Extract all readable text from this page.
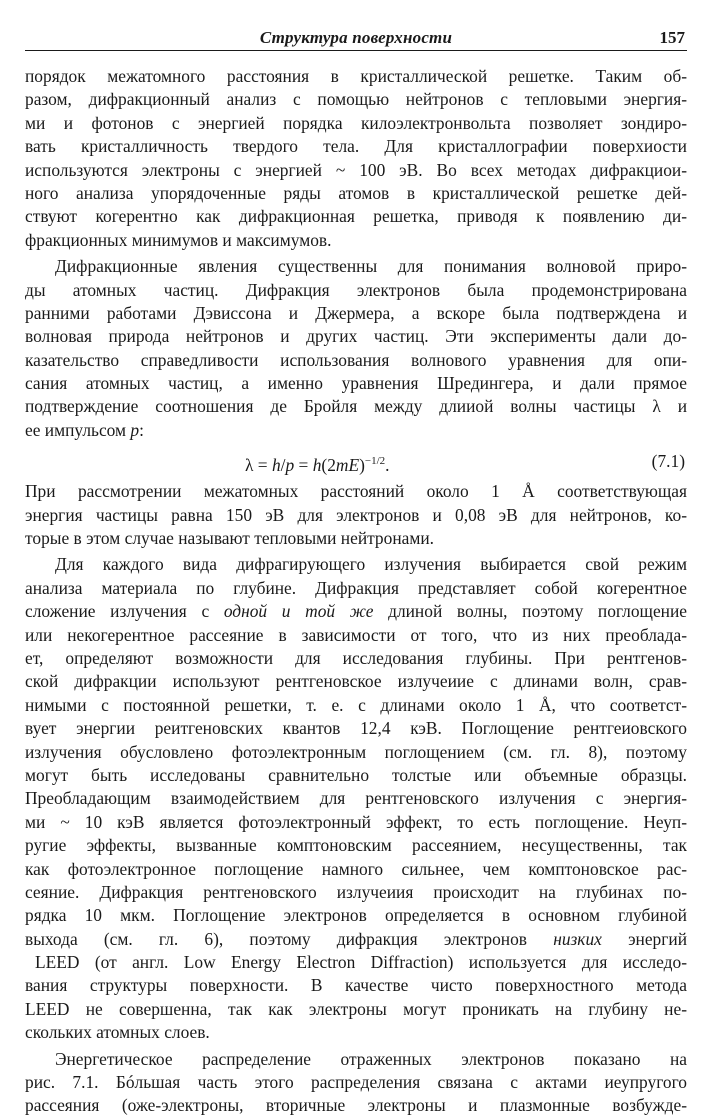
Структура поверхности	157
порядок межатомного расстояния в кристаллической решетке. Таким об-
разом, дифракционный анализ с помощью нейтронов с тепловыми энергия-
ми и фотонов с энергией порядка килоэлектронвольта позволяет зондиро-
вать кристалличность твердого тела. Для кристаллографии поверхиости
используются электроны с энергией ~ 100 эВ. Во всех методах дифракциои-
ного анализа упорядоченные ряды атомов в кристаллической решетке дей-
ствуют когерентно как дифракционная решетка, приводя к появлению ди-
фракционных минимумов и максимумов.
Дифракционные явления существенны для понимания волновой приро-
ды атомных частиц. Дифракция электронов была продемонстрирована
ранними работами Дэвиссона и Джермера, а вскоре была подтверждена и
волновая природа нейтронов и других частиц. Эти эксперименты дали до-
казательство справедливости использования волнового уравнения для опи-
сания атомных частиц, а именно уравнения Шредингера, и дали прямое
подтверждение соотношения де Бройля между длииой волны частицы λ и
ее импульсом p:
$\lambda = h/p = h(2mE)^{-1/2}$.	(7.1)
При рассмотрении межатомных расстояний около 1 Å соответствующая
энергия частицы равна 150 эВ для электронов и 0,08 эВ для нейтронов, ко-
торые в этом случае называют тепловыми нейтронами.
Для каждого вида дифрагирующего излучения выбирается свой режим
анализа материала по глубине. Дифракция представляет собой когерентное
сложение излучения с одной и той же длиной волны, поэтому поглощение
или некогерентное рассеяние в зависимости от того, что из них преоблада-
ет, определяют возможности для исследования глубины. При рентгенов-
ской дифракции используют рентгеновское излучеиие с длинами волн, срав-
нимыми с постоянной решетки, т. е. с длинами около 1 Å, что соответст-
вует энергии реитгеновских квантов 12,4 кэВ. Поглощение рентгеиовского
излучения обусловлено фотоэлектронным поглощением (см. гл. 8), поэтому
могут быть исследованы сравнительно толстые или объемные образцы.
Преобладающим взаимодействием для рентгеновского излучения с энергия-
ми ~ 10 кэВ является фотоэлектронный эффект, то есть поглощение. Неуп-
ругие эффекты, вызванные комптоновским рассеянием, несущественны, так
как фотоэлектронное поглощение намного сильнее, чем комптоновское рас-
сеяние. Дифракция рентгеновского излучеиия происходит на глубинах по-
рядка 10 мкм. Поглощение электронов определяется в основном глубиной
выхода (см. гл. 6), поэтому дифракция электронов низких энергий
LEED (от англ. Low Energy Electron Diffraction) используется для исследо-
вания структуры поверхности. В качестве чисто поверхностного метода
LEED не совершенна, так как электроны могут проникать на глубину не-
скольких атомных слоев.
Энергетическое распределение отраженных электронов показано на
рис. 7.1. Бóльшая часть этого распределения связана с актами иеупругого
рассеяния (оже-электроны, вторичные электроны и плазмонные возбужде-
